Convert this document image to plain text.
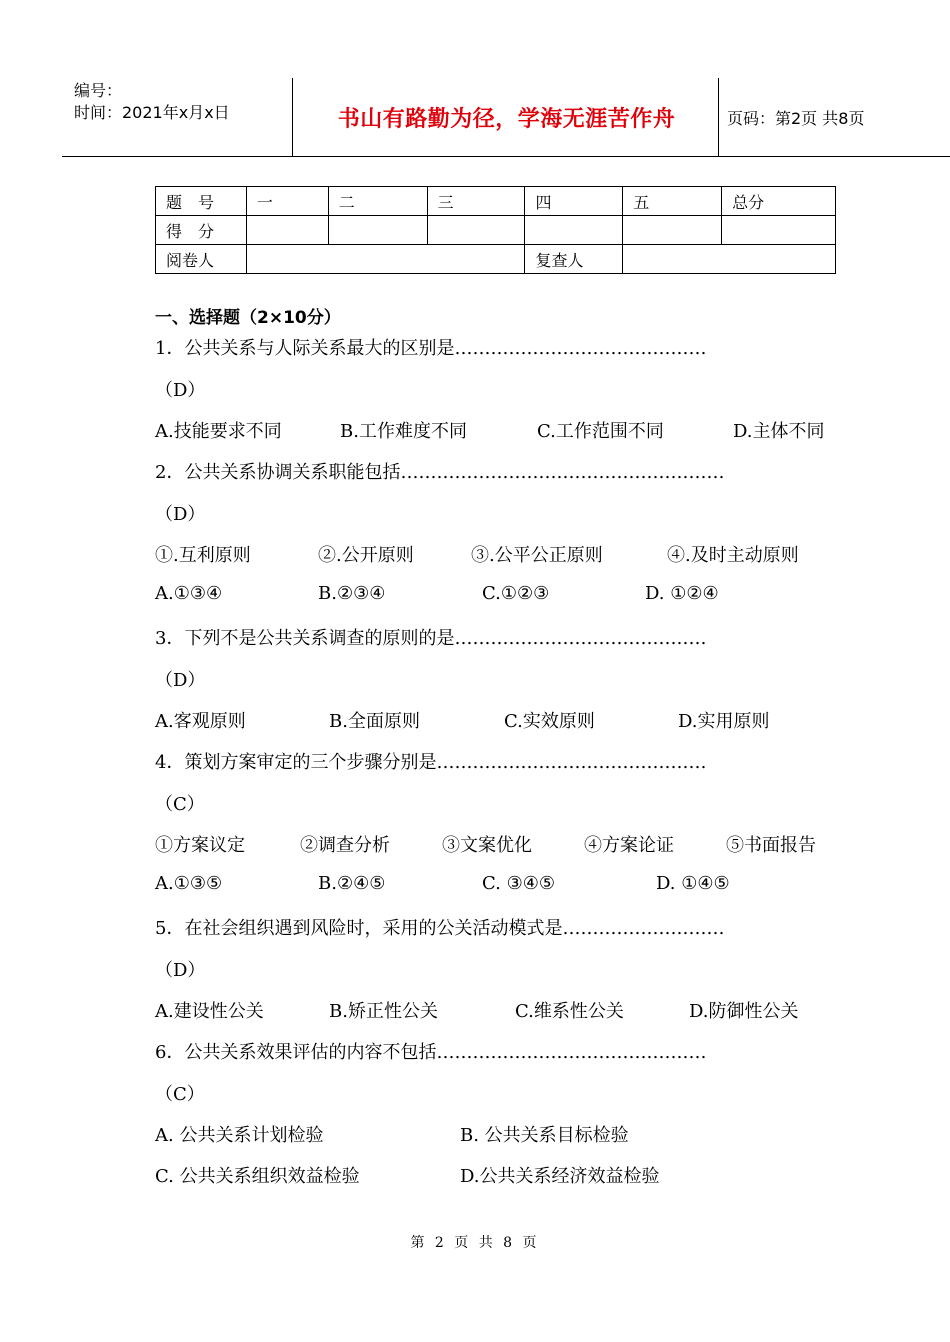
编号：
时间：2021年x月x日	书山有路勤为径，学海无涯苦作舟	页码：第2页 共8页
题　号	一	二	三	四	五	总分
得　分						
阅卷人				复查人		
一、选择题（2×10分）
1．公共关系与人际关系最大的区别是……………………………………
（D）
A.技能要求不同	B.工作难度不同	C.工作范围不同	D.主体不同
2．公共关系协调关系职能包括………………………………………………
（D）
①.互利原则	②.公开原则	③.公平公正原则	④.及时主动原则
A.①③④	B.②③④	C.①②③	D. ①②④
3．下列不是公共关系调查的原则的是……………………………………
（D）
A.客观原则	B.全面原则	C.实效原则	D.实用原则
4．策划方案审定的三个步骤分别是………………………………………
（C）
①方案议定	②调查分析	③文案优化	④方案论证	⑤书面报告
A.①③⑤	B.②④⑤	C. ③④⑤	D. ①④⑤
5．在社会组织遇到风险时，采用的公关活动模式是………………………
（D）
A.建设性公关	B.矫正性公关	C.维系性公关	D.防御性公关
6．公共关系效果评估的内容不包括………………………………………
（C）
A. 公共关系计划检验	B. 公共关系目标检验
C. 公共关系组织效益检验	D.公共关系经济效益检验
第 2 页 共 8 页
